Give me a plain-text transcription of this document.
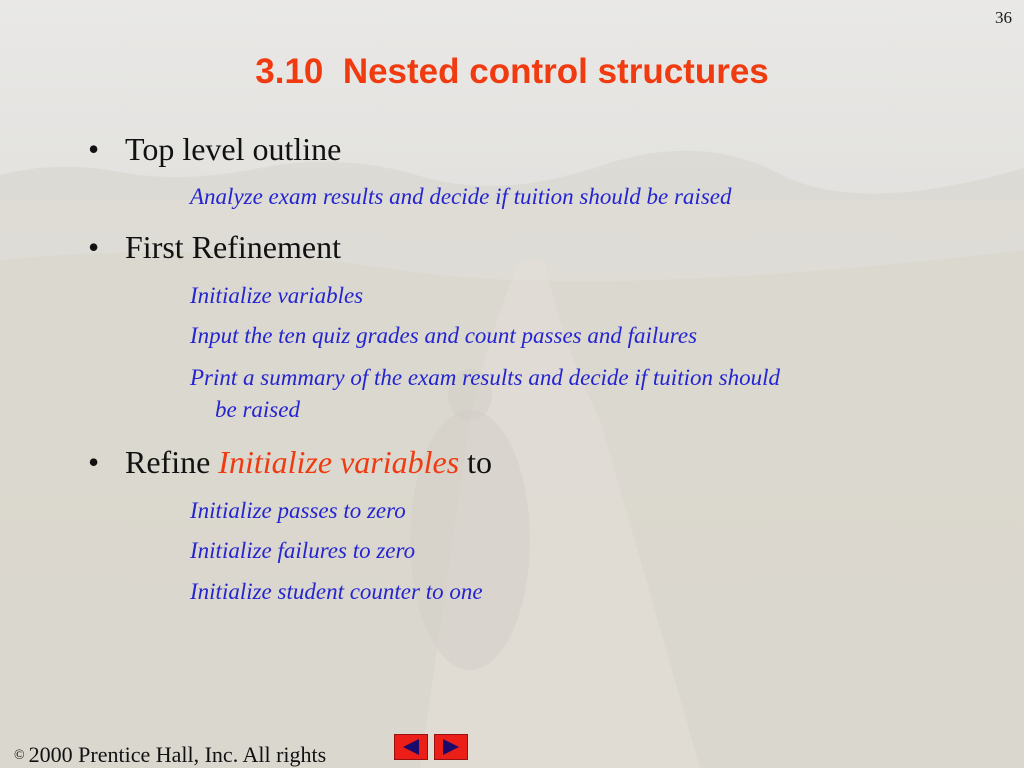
36
3.10  Nested control structures
• Top level outline
Analyze exam results and decide if tuition should be raised
• First Refinement
Initialize variables
Input the ten quiz grades and count passes and failures
Print a summary of the exam results and decide if tuition should
be raised
• Refine Initialize variables to
Initialize passes to zero
Initialize failures to zero
Initialize student counter to one
© 2000 Prentice Hall, Inc. All rights
